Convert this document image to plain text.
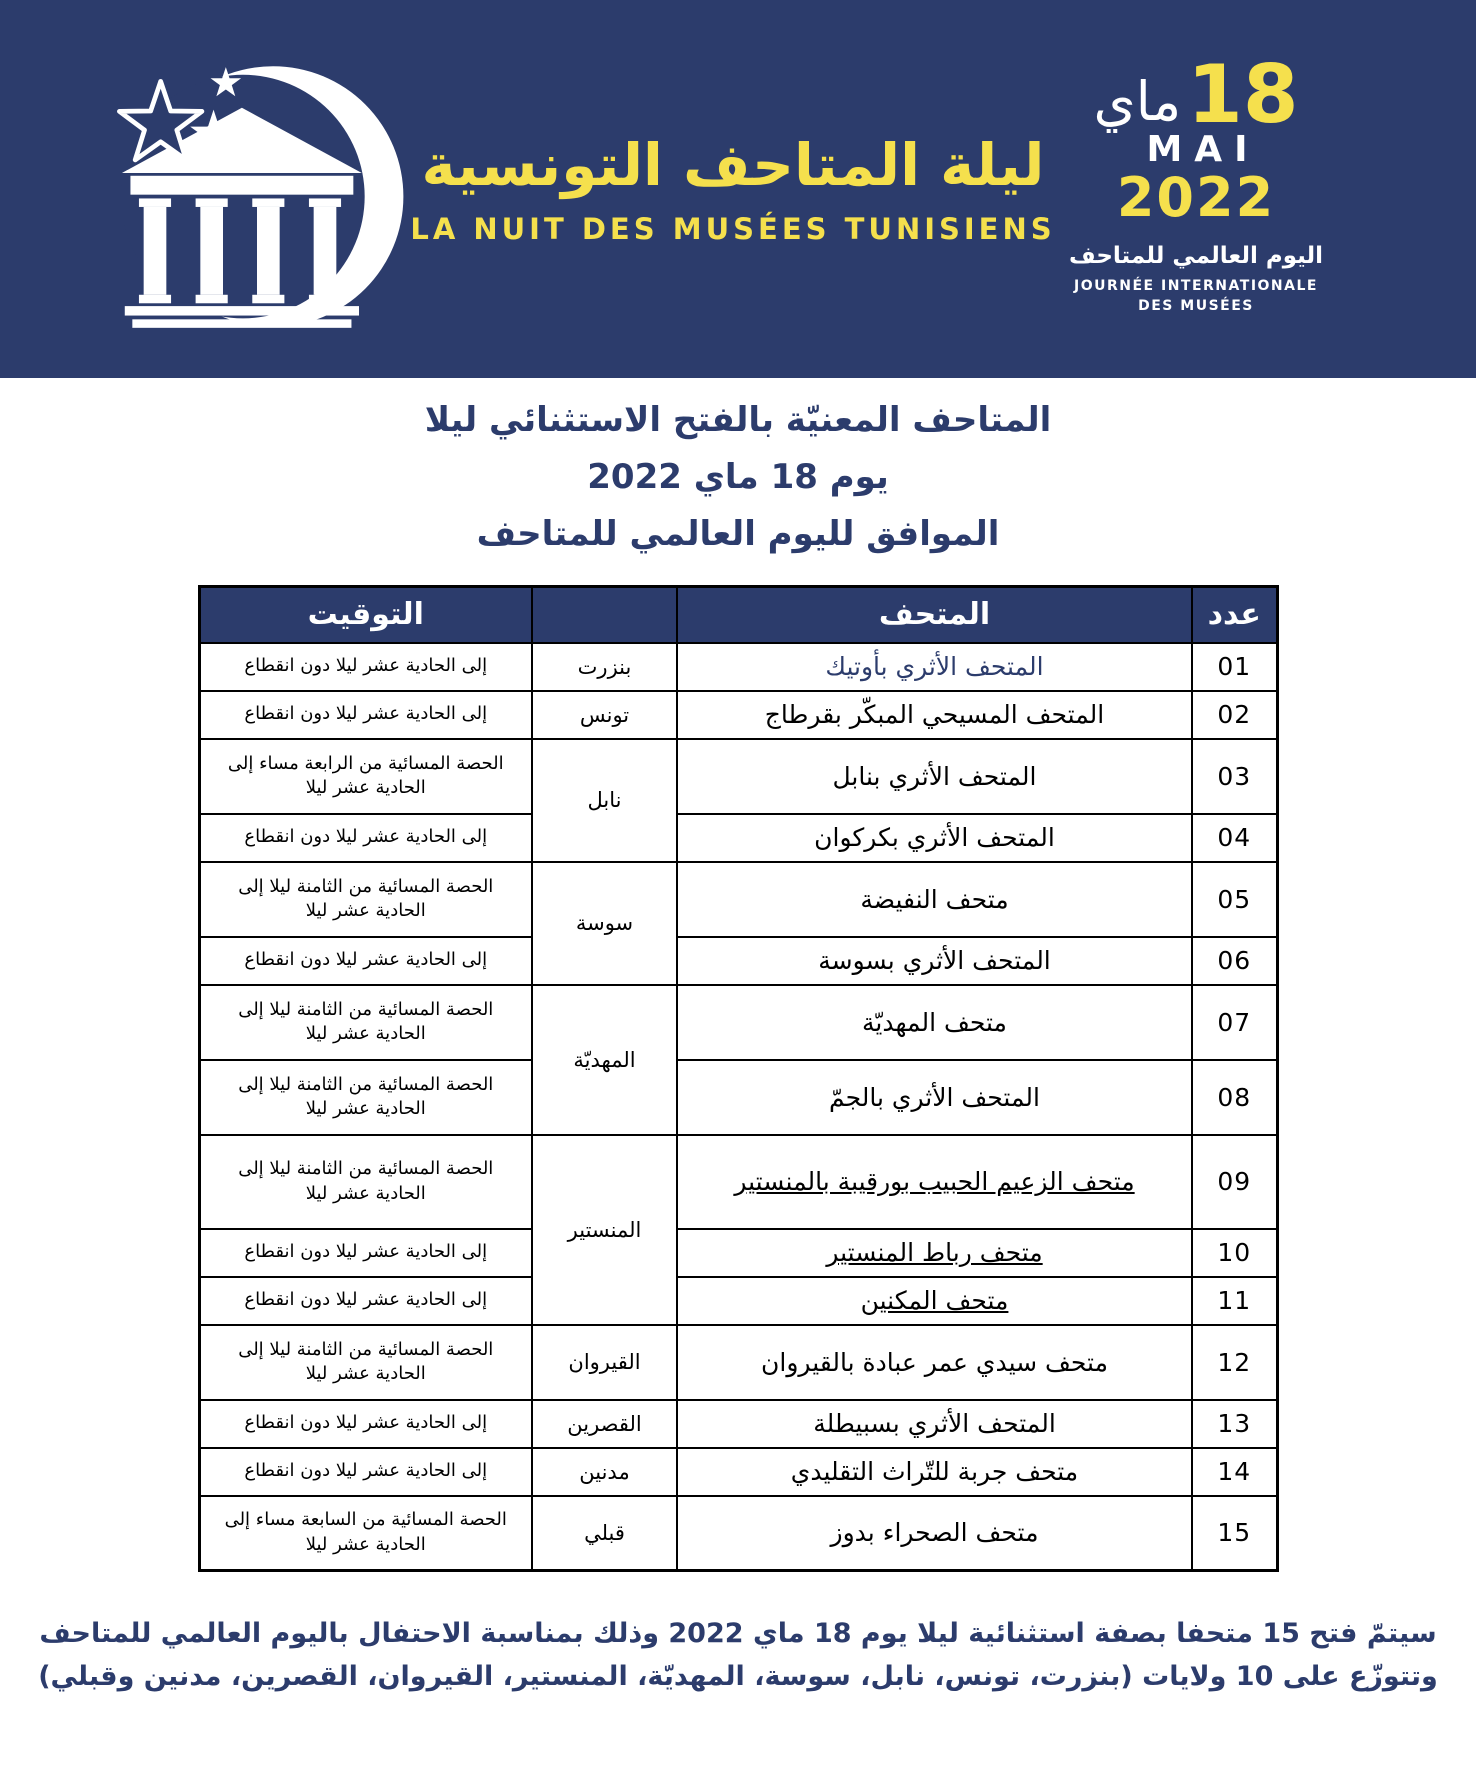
ليلة المتاحف التونسية
LA NUIT DES MUSÉES TUNISIENS
ماي 18
MAI
2022
اليوم العالمي للمتاحف
JOURNÉE INTERNATIONALE
DES MUSÉES
المتاحف المعنيّة بالفتح الاستثنائي ليلا
يوم 18 ماي 2022
الموافق لليوم العالمي للمتاحف
عدد	المتحف		التوقيت
01	المتحف الأثري بأوتيك	بنزرت	إلى الحادية عشر ليلا دون انقطاع
02	المتحف المسيحي المبكّر بقرطاج	تونس	إلى الحادية عشر ليلا دون انقطاع
03	المتحف الأثري بنابل	نابل	الحصة المسائية من الرابعة مساء إلى الحادية عشر ليلا
04	المتحف الأثري بكركوان		إلى الحادية عشر ليلا دون انقطاع
05	متحف النفيضة	سوسة	الحصة المسائية من الثامنة ليلا إلى الحادية عشر ليلا
06	المتحف الأثري بسوسة		إلى الحادية عشر ليلا دون انقطاع
07	متحف المهديّة	المهديّة	الحصة المسائية من الثامنة ليلا إلى الحادية عشر ليلا
08	المتحف الأثري بالجمّ		الحصة المسائية من الثامنة ليلا إلى الحادية عشر ليلا
09	متحف الزعيم الحبيب بورقيبة بالمنستير	المنستير	الحصة المسائية من الثامنة ليلا إلى الحادية عشر ليلا
10	متحف رباط المنستير		إلى الحادية عشر ليلا دون انقطاع
11	متحف المكنين		إلى الحادية عشر ليلا دون انقطاع
12	متحف سيدي عمر عبادة بالقيروان	القيروان	الحصة المسائية من الثامنة ليلا إلى الحادية عشر ليلا
13	المتحف الأثري بسبيطلة	القصرين	إلى الحادية عشر ليلا دون انقطاع
14	متحف جربة للتّراث التقليدي	مدنين	إلى الحادية عشر ليلا دون انقطاع
15	متحف الصحراء بدوز	قبلي	الحصة المسائية من السابعة مساء إلى الحادية عشر ليلا
سيتمّ فتح 15 متحفا بصفة استثنائية ليلا يوم 18 ماي 2022 وذلك بمناسبة الاحتفال باليوم العالمي للمتاحف
وتتوزّع على 10 ولايات (بنزرت، تونس، نابل، سوسة، المهديّة، المنستير، القيروان، القصرين، مدنين وقبلي)
